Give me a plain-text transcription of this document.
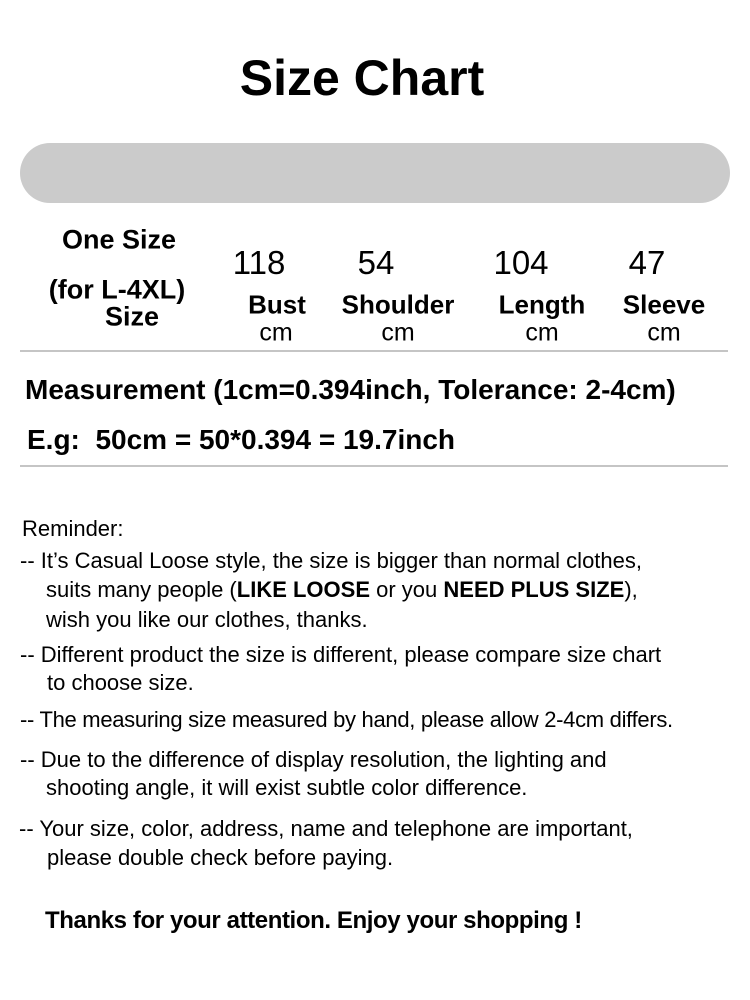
Size Chart
Size	Bust
cm
Shoulder
cm
Length
cm
Sleeve
cm
One Size
(for L-4XL)
118 54	104 47
Measurement (1cm=0.394inch, Tolerance: 2-4cm)
E.g:  50cm = 50*0.394 = 19.7inch
Reminder:
-- It’s Casual Loose style, the size is bigger than normal clothes,
suits many people (LIKE LOOSE or you NEED PLUS SIZE),
wish you like our clothes, thanks.
-- Different product the size is different, please compare size chart
to choose size.
-- The measuring size measured by hand, please allow 2-4cm differs.
-- Due to the difference of display resolution, the lighting and
shooting angle, it will exist subtle color difference.
-- Your size, color, address, name and telephone are important,
please double check before paying.
Thanks for your attention. Enjoy your shopping !
